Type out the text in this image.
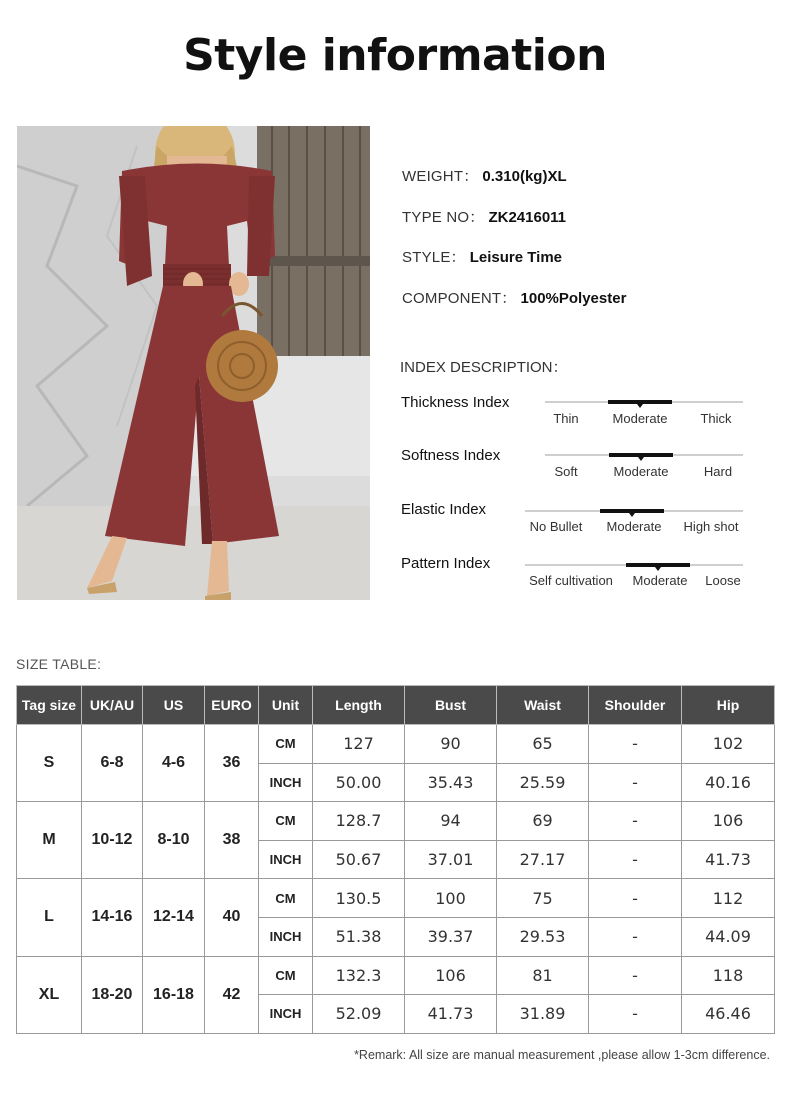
Style information
WEIGHT： 0.310(kg)XL
TYPE NO： ZK2416011
STYLE： Leisure Time
COMPONENT： 100%Polyester
INDEX DESCRIPTION：
Thickness Index
Thin	Moderate	Thick
Softness Index
Soft	Moderate	Hard
Elastic Index
No Bullet Moderate High shot
Pattern Index
Self cultivation Moderate Loose
SIZE TABLE:
Tag size	UK/AU	US	EURO	Unit	Length	Bust	Waist	Shoulder	Hip
S	6-8	4-6	36	CM	127	90	65	-	102
				INCH	50.00	35.43	25.59	-	40.16
M	10-12	8-10	38	CM	128.7	94	69	-	106
				INCH	50.67	37.01	27.17	-	41.73
L	14-16	12-14	40	CM	130.5	100	75	-	112
				INCH	51.38	39.37	29.53	-	44.09
XL	18-20	16-18	42	CM	132.3	106	81	-	118
				INCH	52.09	41.73	31.89	-	46.46
*Remark: All size are manual measurement ,please allow 1-3cm difference.
